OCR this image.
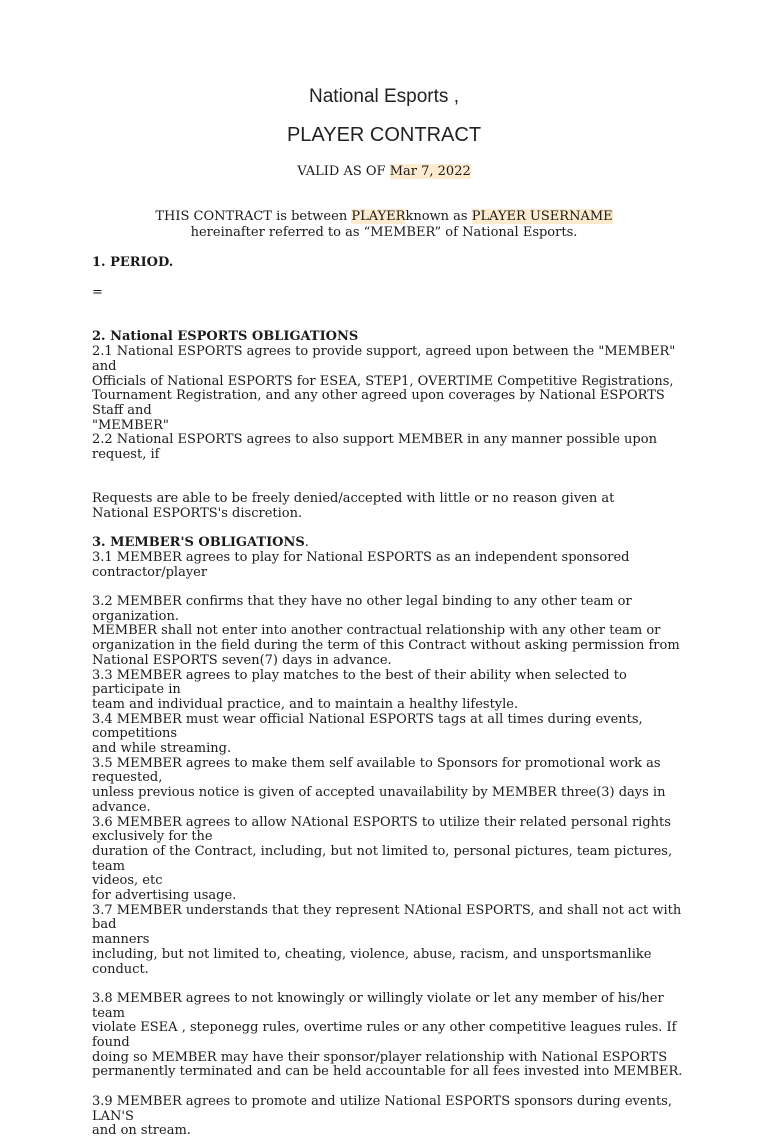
National Esports ,
PLAYER CONTRACT
VALID AS OF Mar 7, 2022
THIS CONTRACT is between PLAYERknown as PLAYER USERNAME
hereinafter referred to as “MEMBER” of National Esports.

1. PERIOD.

=

2. National ESPORTS OBLIGATIONS

2.1 National ESPORTS agrees to provide support, agreed upon between the "MEMBER" and
Officials of National ESPORTS for ESEA, STEP1, OVERTIME Competitive Registrations,
Tournament Registration, and any other agreed upon coverages by National ESPORTS Staff and
"MEMBER"

2.2 National ESPORTS agrees to also support MEMBER in any manner possible upon request, if

Requests are able to be freely denied/accepted with little or no reason given at
National ESPORTS's discretion.

3. MEMBER'S OBLIGATIONS.

3.1 MEMBER agrees to play for National ESPORTS as an independent sponsored
contractor/player

3.2 MEMBER confirms that they have no other legal binding to any other team or organization.
MEMBER shall not enter into another contractual relationship with any other team or
organization in the field during the term of this Contract without asking permission from
National ESPORTS seven(7) days in advance.
3.3 MEMBER agrees to play matches to the best of their ability when selected to participate in
team and individual practice, and to maintain a healthy lifestyle.
3.4 MEMBER must wear official National ESPORTS tags at all times during events, competitions
and while streaming.
3.5 MEMBER agrees to make them self available to Sponsors for promotional work as requested,
unless previous notice is given of accepted unavailability by MEMBER three(3) days in advance.
3.6 MEMBER agrees to allow NAtional ESPORTS to utilize their related personal rights
exclusively for the
duration of the Contract, including, but not limited to, personal pictures, team pictures, team
videos, etc
for advertising usage.
3.7 MEMBER understands that they represent NAtional ESPORTS, and shall not act with bad
manners
including, but not limited to, cheating, violence, abuse, racism, and unsportsmanlike
conduct.

3.8 MEMBER agrees to not knowingly or willingly violate or let any member of his/her team
violate ESEA , steponegg rules, overtime rules or any other competitive leagues rules. If found
doing so MEMBER may have their sponsor/player relationship with National ESPORTS
permanently terminated and can be held accountable for all fees invested into MEMBER.

3.9 MEMBER agrees to promote and utilize National ESPORTS sponsors during events, LAN'S
and on stream.
